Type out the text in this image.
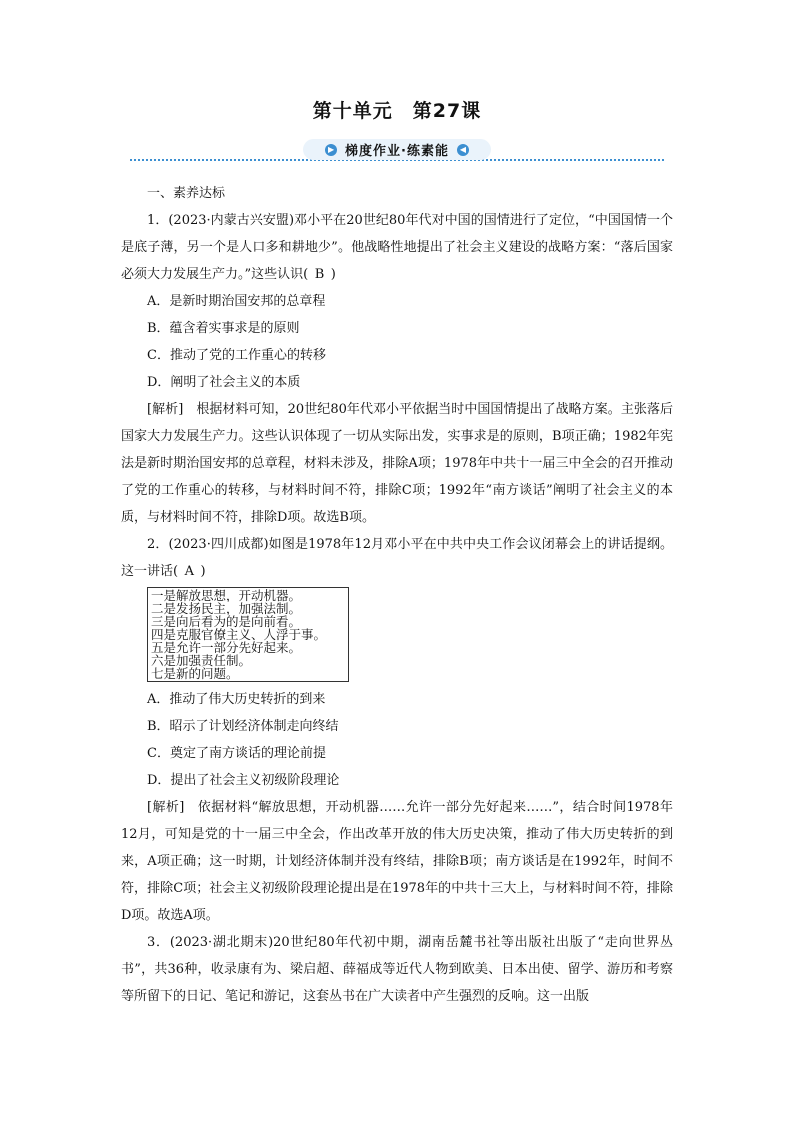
第十单元　第27课
▶ 梯度作业·练素能	◀

一、素养达标

1．(2023·内蒙古兴安盟)邓小平在20世纪80年代对中国的国情进行了定位，“中国国情一个是底子薄，另一个是人口多和耕地少”。他战略性地提出了社会主义建设的战略方案：“落后国家必须大力发展生产力。”这些认识( B )

A．是新时期治国安邦的总章程

B．蕴含着实事求是的原则

C．推动了党的工作重心的转移

D．阐明了社会主义的本质

[解析] 根据材料可知，20世纪80年代邓小平依据当时中国国情提出了战略方案。主张落后国家大力发展生产力。这些认识体现了一切从实际出发，实事求是的原则，B项正确；1982年宪法是新时期治国安邦的总章程，材料未涉及，排除A项；1978年中共十一届三中全会的召开推动了党的工作重心的转移，与材料时间不符，排除C项；1992年“南方谈话”阐明了社会主义的本质，与材料时间不符，排除D项。故选B项。

2．(2023·四川成都)如图是1978年12月邓小平在中共中央工作会议闭幕会上的讲话提纲。这一讲话( A )

一是解放思想，开动机器。
二是发扬民主，加强法制。
三是向后看为的是向前看。
四是克服官僚主义、人浮于事。
五是允许一部分先好起来。
六是加强责任制。
七是新的问题。

A．推动了伟大历史转折的到来

B．昭示了计划经济体制走向终结

C．奠定了南方谈话的理论前提

D．提出了社会主义初级阶段理论

[解析] 依据材料“解放思想，开动机器……允许一部分先好起来……”，结合时间1978年12月，可知是党的十一届三中全会，作出改革开放的伟大历史决策，推动了伟大历史转折的到来，A项正确；这一时期，计划经济体制并没有终结，排除B项；南方谈话是在1992年，时间不符，排除C项；社会主义初级阶段理论提出是在1978年的中共十三大上，与材料时间不符，排除D项。故选A项。

3．(2023·湖北期末)20世纪80年代初中期，湖南岳麓书社等出版社出版了“走向世界丛书”，共36种，收录康有为、梁启超、薛福成等近代人物到欧美、日本出使、留学、游历和考察等所留下的日记、笔记和游记，这套丛书在广大读者中产生强烈的反响。这一出版
